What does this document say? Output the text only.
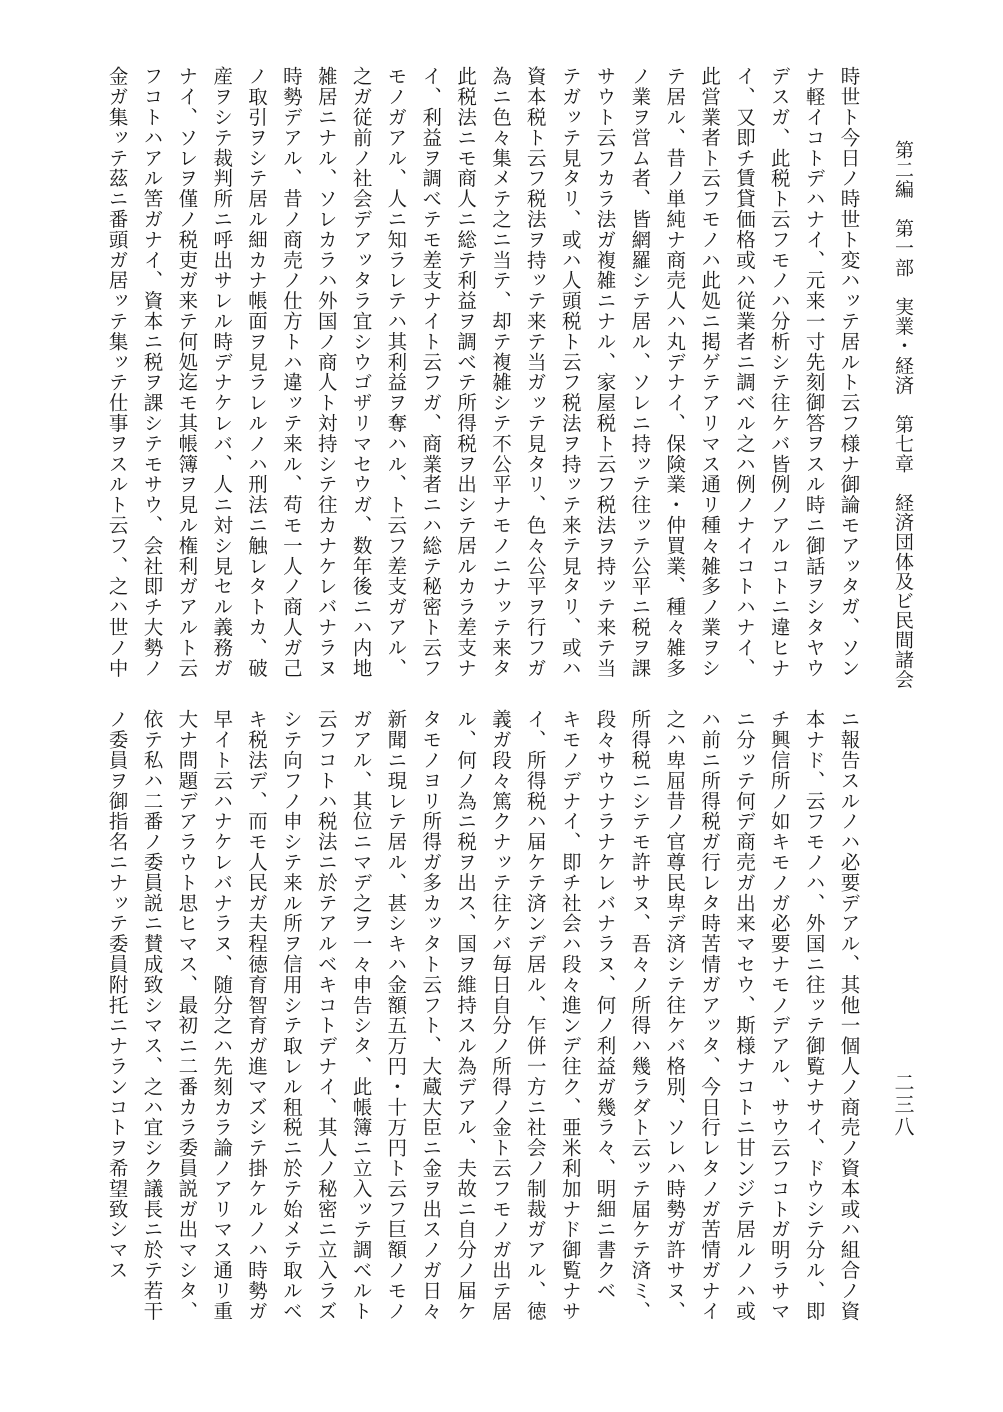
第二編　第一部　実業・経済　第七章　経済団体及ビ民間諸会
二三八
時世ト今日ノ時世ト変ハッテ居ルト云フ様ナ御論モアッタガ、ソン
ナ軽イコトデハナイ、元来一寸先刻御答ヲスル時ニ御話ヲシタヤウ
デスガ、此税ト云フモノハ分析シテ往ケバ皆例ノアルコトニ違ヒナ
イ、又即チ賃貸価格或ハ従業者ニ調べル之ハ例ノナイコトハナイ、
此営業者ト云フモノハ此処ニ掲ゲテアリマス通リ種々雑多ノ業ヲシ
テ居ル、昔ノ単純ナ商売人ハ丸デナイ、保険業・仲買業、種々雑多
ノ業ヲ営ム者、皆網羅シテ居ル、ソレニ持ッテ往ッテ公平ニ税ヲ課
サウト云フカラ法ガ複雑ニナル、家屋税ト云フ税法ヲ持ッテ来テ当
テガッテ見タリ、或ハ人頭税ト云フ税法ヲ持ッテ来テ見タリ、或ハ
資本税ト云フ税法ヲ持ッテ来テ当ガッテ見タリ、色々公平ヲ行フガ
為ニ色々集メテ之ニ当テ、却テ複雑シテ不公平ナモノニナッテ来タ
此税法ニモ商人ニ総テ利益ヲ調べテ所得税ヲ出シテ居ルカラ差支ナ
イ、利益ヲ調べテモ差支ナイト云フガ、商業者ニハ総テ秘密ト云フ
モノガアル、人ニ知ラレテハ其利益ヲ奪ハル、ト云フ差支ガアル、
之ガ従前ノ社会デアッタラ宜シウゴザリマセウガ、数年後ニハ内地
雑居ニナル、ソレカラハ外国ノ商人ト対持シテ往カナケレバナラヌ
時勢デアル、昔ノ商売ノ仕方トハ違ッテ来ル、苟モ一人ノ商人ガ己
ノ取引ヲシテ居ル細カナ帳面ヲ見ラレルノハ刑法ニ触レタトカ、破
産ヲシテ裁判所ニ呼出サレル時デナケレバ、人ニ対シ見セル義務ガ
ナイ、ソレヲ僅ノ税吏ガ来テ何処迄モ其帳簿ヲ見ル権利ガアルト云
フコトハアル筈ガナイ、資本ニ税ヲ課シテモサウ、会社即チ大勢ノ
金ガ集ッテ茲ニ番頭ガ居ッテ集ッテ仕事ヲスルト云フ、之ハ世ノ中
ニ報告スルノハ必要デアル、其他一個人ノ商売ノ資本或ハ組合ノ資
本ナド、云フモノハ、外国ニ往ッテ御覧ナサイ、ドウシテ分ル、即
チ興信所ノ如キモノガ必要ナモノデアル、サウ云フコトガ明ラサマ
ニ分ッテ何デ商売ガ出来マセウ、斯様ナコトニ甘ンジテ居ルノハ或
ハ前ニ所得税ガ行レタ時苦情ガアッタ、今日行レタノガ苦情ガナイ
之ハ卑屈昔ノ官尊民卑デ済シテ往ケバ格別、ソレハ時勢ガ許サヌ、
所得税ニシテモ許サヌ、吾々ノ所得ハ幾ラダト云ッテ届ケテ済ミ、
段々サウナラナケレバナラヌ、何ノ利益ガ幾ラ々、明細ニ書クベ
キモノデナイ、即チ社会ハ段々進ンデ往ク、亜米利加ナド御覧ナサ
イ、所得税ハ届ケテ済ンデ居ル、乍併一方ニ社会ノ制裁ガアル、徳
義ガ段々篤クナッテ往ケバ毎日自分ノ所得ノ金ト云フモノガ出テ居
ル、何ノ為ニ税ヲ出ス、国ヲ維持スル為デアル、夫故ニ自分ノ届ケ
タモノヨリ所得ガ多カッタト云フト、大蔵大臣ニ金ヲ出スノガ日々
新聞ニ現レテ居ル、甚シキハ金額五万円・十万円ト云フ巨額ノモノ
ガアル、其位ニマデ之ヲ一々申告シタ、此帳簿ニ立入ッテ調ベルト
云フコトハ税法ニ於テアルベキコトデナイ、其人ノ秘密ニ立入ラズ
シテ向フノ申シテ来ル所ヲ信用シテ取レル租税ニ於テ始メテ取ルベ
キ税法デ、而モ人民ガ夫程徳育智育ガ進マズシテ掛ケルノハ時勢ガ
早イト云ハナケレバナラヌ、随分之ハ先刻カラ論ノアリマス通リ重
大ナ問題デアラウト思ヒマス、最初ニ二番カラ委員説ガ出マシタ、
依テ私ハ二番ノ委員説ニ賛成致シマス、之ハ宜シク議長ニ於テ若干
ノ委員ヲ御指名ニナッテ委員附托ニナランコトヲ希望致シマス
